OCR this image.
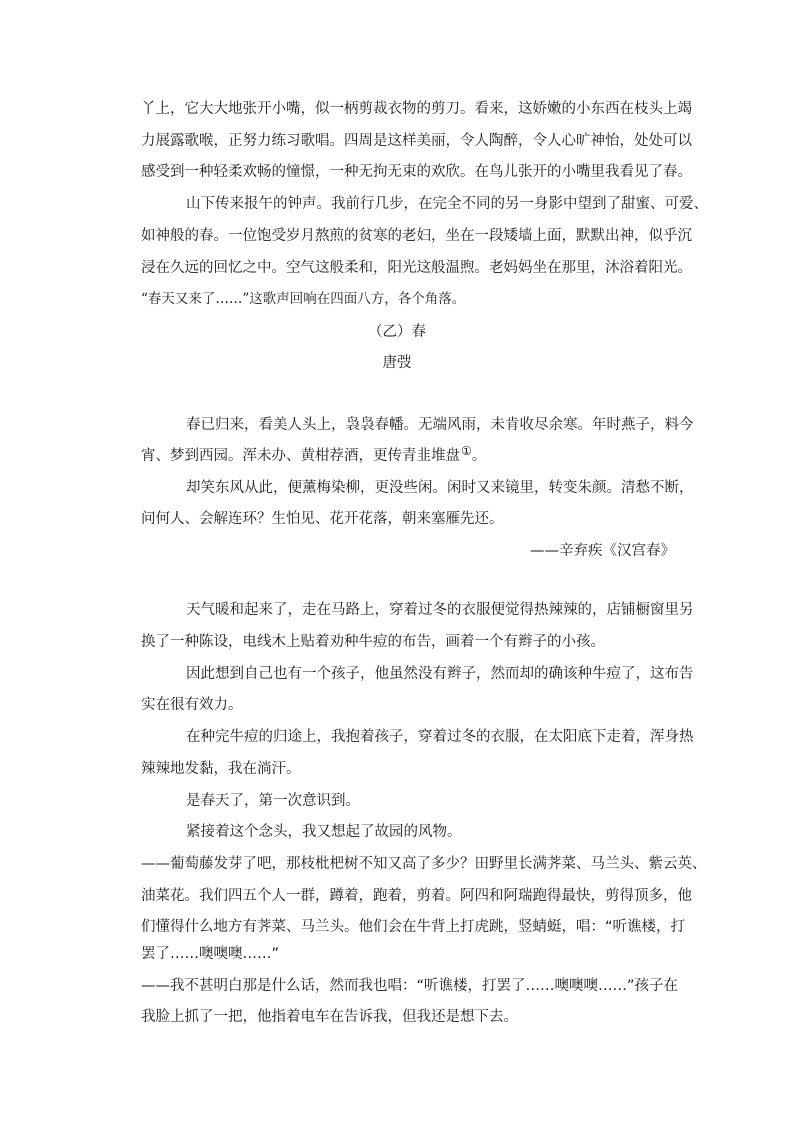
丫上，它大大地张开小嘴，似一柄剪裁衣物的剪刀。看来，这娇嫩的小东西在枝头上竭
力展露歌喉，正努力练习歌唱。四周是这样美丽，令人陶醉，令人心旷神怡，处处可以
感受到一种轻柔欢畅的憧憬，一种无拘无束的欢欣。在鸟儿张开的小嘴里我看见了春。
山下传来报午的钟声。我前行几步，在完全不同的另一身影中望到了甜蜜、可爱、
如神般的春。一位饱受岁月熬煎的贫寒的老妇，坐在一段矮墙上面，默默出神，似乎沉
浸在久远的回忆之中。空气这般柔和，阳光这般温煦。老妈妈坐在那里，沐浴着阳光。
“春天又来了……”这歌声回响在四面八方，各个角落。
（乙）春
唐弢
春已归来，看美人头上，袅袅春幡。无端风雨，未肯收尽余寒。年时燕子，料今
宵、梦到西园。浑未办、黄柑荐酒，更传青韭堆盘①。
却笑东风从此，便薰梅染柳，更没些闲。闲时又来镜里，转变朱颜。清愁不断，
问何人、会解连环？生怕见、花开花落，朝来塞雁先还。
——辛弃疾《汉宫春》
天气暖和起来了，走在马路上，穿着过冬的衣服便觉得热辣辣的，店铺橱窗里另
换了一种陈设，电线木上贴着劝种牛痘的布告，画着一个有辫子的小孩。
因此想到自己也有一个孩子，他虽然没有辫子，然而却的确该种牛痘了，这布告
实在很有效力。
在种完牛痘的归途上，我抱着孩子，穿着过冬的衣服，在太阳底下走着，浑身热
辣辣地发黏，我在淌汗。
是春天了，第一次意识到。
紧接着这个念头，我又想起了故园的风物。
——葡萄藤发芽了吧，那枝枇杷树不知又高了多少？田野里长满荠菜、马兰头、紫云英、
油菜花。我们四五个人一群，蹲着，跑着，剪着。阿四和阿瑞跑得最快，剪得顶多，他
们懂得什么地方有荠菜、马兰头。他们会在牛背上打虎跳，竖蜻蜓，唱：“听谯楼，打
罢了……噢噢噢……”
——我不甚明白那是什么话，然而我也唱：“听谯楼，打罢了……噢噢噢……”孩子在
我脸上抓了一把，他指着电车在告诉我，但我还是想下去。
